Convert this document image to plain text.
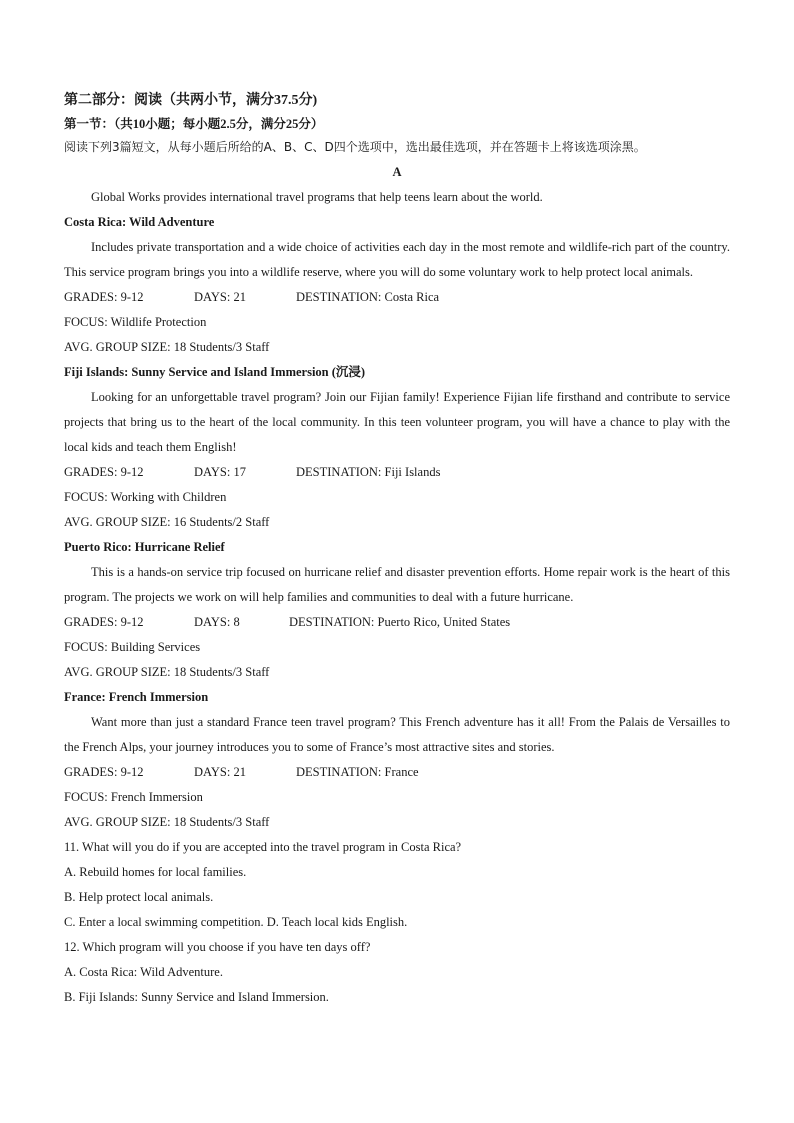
第二部分：阅读（共两小节，满分37.5分)
第一节：（共10小题；每小题2.5分，满分25分）
阅读下列3篇短文，从每小题后所给的A、B、C、D四个选项中，选出最佳选项，并在答题卡上将该选项涂黑。
A
Global Works provides international travel programs that help teens learn about the world.
Costa Rica: Wild Adventure
Includes private transportation and a wide choice of activities each day in the most remote and wildlife-rich part of the country. This service program brings you into a wildlife reserve, where you will do some voluntary work to help protect local animals.
GRADES: 9-12	DAYS: 21	DESTINATION: Costa Rica
FOCUS: Wildlife Protection
AVG. GROUP SIZE: 18 Students/3 Staff
Fiji Islands: Sunny Service and Island Immersion (沉浸)
Looking for an unforgettable travel program? Join our Fijian family! Experience Fijian life firsthand and contribute to service projects that bring us to the heart of the local community. In this teen volunteer program, you will have a chance to play with the local kids and teach them English!
GRADES: 9-12	DAYS: 17	DESTINATION: Fiji Islands
FOCUS: Working with Children
AVG. GROUP SIZE: 16 Students/2 Staff
Puerto Rico: Hurricane Relief
This is a hands-on service trip focused on hurricane relief and disaster prevention efforts. Home repair work is the heart of this program. The projects we work on will help families and communities to deal with a future hurricane.
GRADES: 9-12	DAYS: 8	DESTINATION: Puerto Rico, United States
FOCUS: Building Services
AVG. GROUP SIZE: 18 Students/3 Staff
France: French Immersion
Want more than just a standard France teen travel program? This French adventure has it all! From the Palais de Versailles to the French Alps, your journey introduces you to some of France’s most attractive sites and stories.
GRADES: 9-12	DAYS: 21	DESTINATION: France
FOCUS: French Immersion
AVG. GROUP SIZE: 18 Students/3 Staff
11. What will you do if you are accepted into the travel program in Costa Rica?
A. Rebuild homes for local families.
B. Help protect local animals.
C. Enter a local swimming competition. D. Teach local kids English.
12. Which program will you choose if you have ten days off?
A. Costa Rica: Wild Adventure.
B. Fiji Islands: Sunny Service and Island Immersion.
